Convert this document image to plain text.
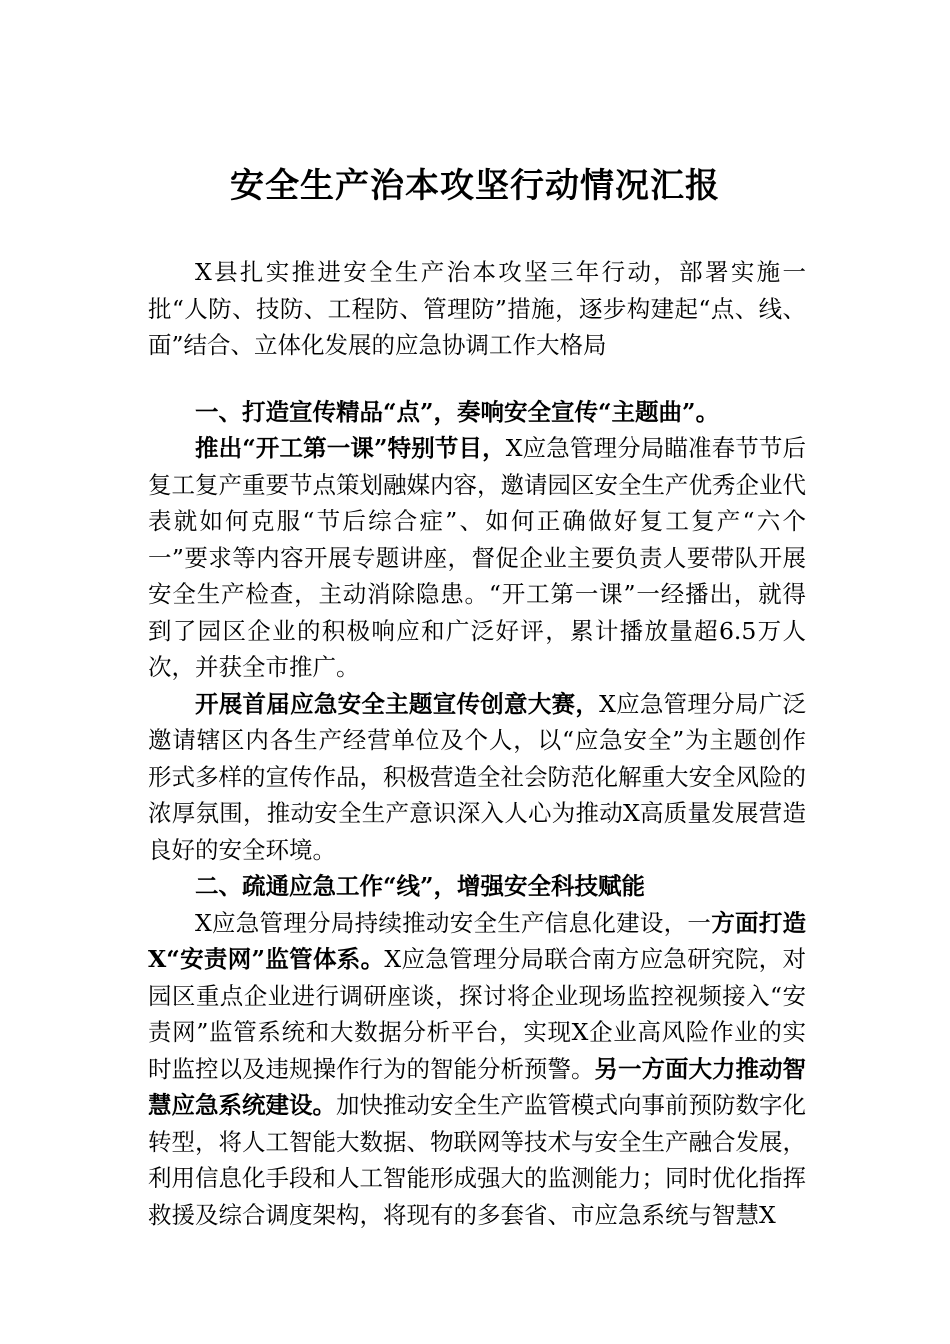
安全生产治本攻坚行动情况汇报

X县扎实推进安全生产治本攻坚三年行动，部署实施一批“人防、技防、工程防、管理防”措施，逐步构建起“点、线、面”结合、立体化发展的应急协调工作大格局

一、打造宣传精品“点”，奏响安全宣传“主题曲”。

推出“开工第一课”特别节目，X应急管理分局瞄准春节节后复工复产重要节点策划融媒内容，邀请园区安全生产优秀企业代表就如何克服“节后综合症”、如何正确做好复工复产“六个一”要求等内容开展专题讲座，督促企业主要负责人要带队开展安全生产检查，主动消除隐患。“开工第一课”一经播出，就得到了园区企业的积极响应和广泛好评，累计播放量超6.5万人次，并获全市推广。

开展首届应急安全主题宣传创意大赛，X应急管理分局广泛邀请辖区内各生产经营单位及个人，以“应急安全”为主题创作形式多样的宣传作品，积极营造全社会防范化解重大安全风险的浓厚氛围，推动安全生产意识深入人心为推动X高质量发展营造良好的安全环境。

二、疏通应急工作“线”，增强安全科技赋能

X应急管理分局持续推动安全生产信息化建设，一方面打造X“安责网”监管体系。X应急管理分局联合南方应急研究院，对园区重点企业进行调研座谈，探讨将企业现场监控视频接入“安责网”监管系统和大数据分析平台，实现X企业高风险作业的实时监控以及违规操作行为的智能分析预警。另一方面大力推动智慧应急系统建设。加快推动安全生产监管模式向事前预防数字化转型，将人工智能大数据、物联网等技术与安全生产融合发展，利用信息化手段和人工智能形成强大的监测能力；同时优化指挥救援及综合调度架构，将现有的多套省、市应急系统与智慧X
